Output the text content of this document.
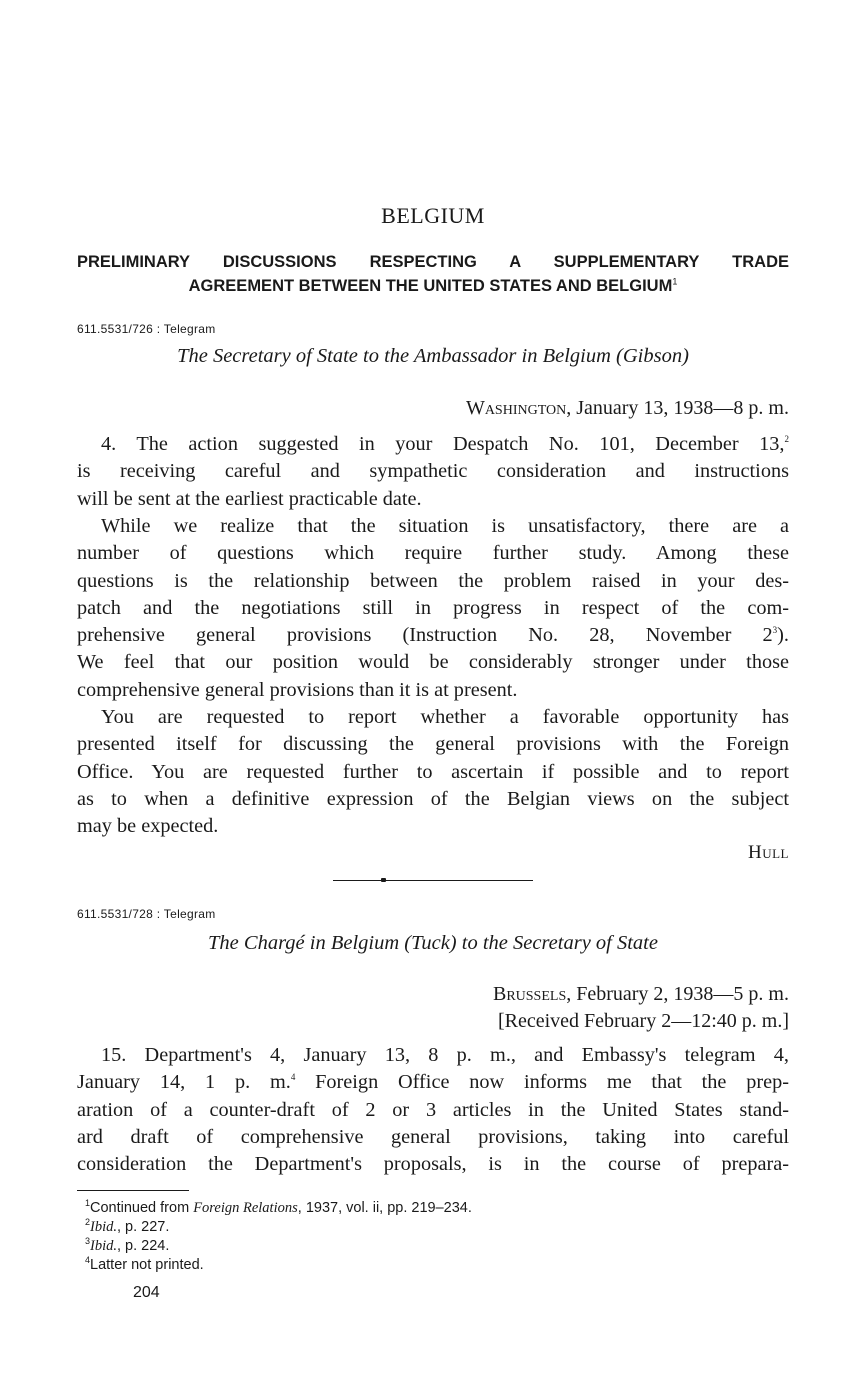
BELGIUM
PRELIMINARY DISCUSSIONS RESPECTING A SUPPLEMENTARY TRADE
AGREEMENT BETWEEN THE UNITED STATES AND BELGIUM$^1$
611.5531/726 : Telegram
The Secretary of State to the Ambassador in Belgium (Gibson)
Washington, January 13, 1938—8 p. m.
4. The action suggested in your Despatch No. 101, December 13,$^2$
is receiving careful and sympathetic consideration and instructions
will be sent at the earliest practicable date.
While we realize that the situation is unsatisfactory, there are a
number of questions which require further study. Among these
questions is the relationship between the problem raised in your des-
patch and the negotiations still in progress in respect of the com-
prehensive general provisions (Instruction No. 28, November 2$^3$).
We feel that our position would be considerably stronger under those
comprehensive general provisions than it is at present.
You are requested to report whether a favorable opportunity has
presented itself for discussing the general provisions with the Foreign
Office. You are requested further to ascertain if possible and to report
as to when a definitive expression of the Belgian views on the subject
may be expected.
Hull
611.5531/728 : Telegram
The Chargé in Belgium (Tuck) to the Secretary of State
Brussels, February 2, 1938—5 p. m.
[Received February 2—12:40 p. m.]
15. Department's 4, January 13, 8 p. m., and Embassy's telegram 4,
January 14, 1 p. m.$^4$ Foreign Office now informs me that the prep-
aration of a counter-draft of 2 or 3 articles in the United States stand-
ard draft of comprehensive general provisions, taking into careful
consideration the Department's proposals, is in the course of prepara-
$^1$Continued from Foreign Relations, 1937, vol. ii, pp. 219–234.
$^2$Ibid., p. 227.
$^3$Ibid., p. 224.
$^4$Latter not printed.
204
